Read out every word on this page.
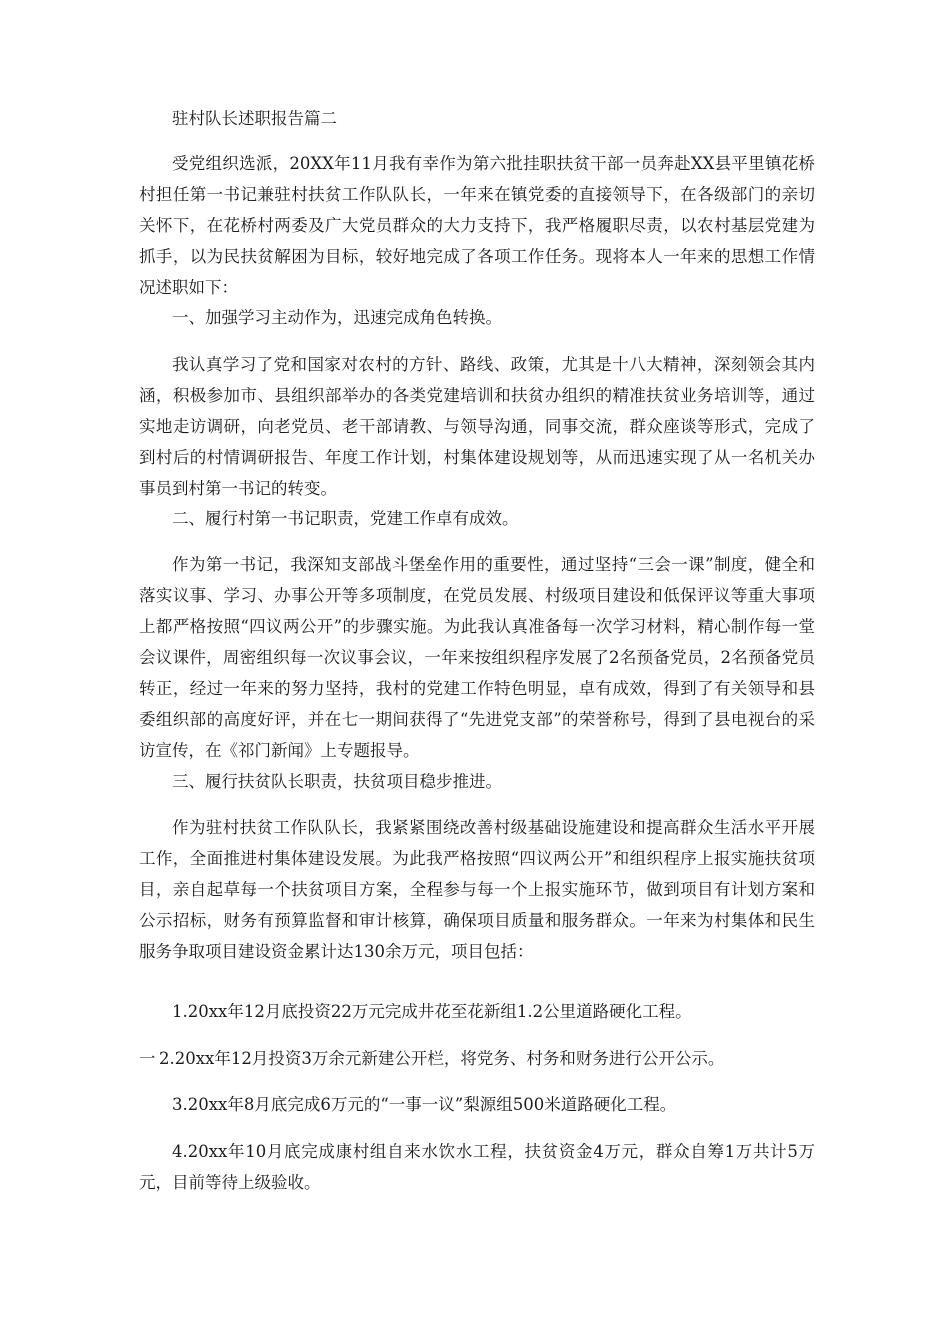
驻村队长述职报告篇二

受党组织选派，20XX年11月我有幸作为第六批挂职扶贫干部一员奔赴XX县平里镇花桥村担任第一书记兼驻村扶贫工作队队长，一年来在镇党委的直接领导下，在各级部门的亲切关怀下，在花桥村两委及广大党员群众的大力支持下，我严格履职尽责，以农村基层党建为抓手，以为民扶贫解困为目标，较好地完成了各项工作任务。现将本人一年来的思想工作情况述职如下：

一、加强学习主动作为，迅速完成角色转换。

我认真学习了党和国家对农村的方针、路线、政策，尤其是十八大精神，深刻领会其内涵，积极参加市、县组织部举办的各类党建培训和扶贫办组织的精准扶贫业务培训等，通过实地走访调研，向老党员、老干部请教、与领导沟通，同事交流，群众座谈等形式，完成了到村后的村情调研报告、年度工作计划，村集体建设规划等，从而迅速实现了从一名机关办事员到村第一书记的转变。

二、履行村第一书记职责，党建工作卓有成效。

作为第一书记，我深知支部战斗堡垒作用的重要性，通过坚持“三会一课”制度，健全和落实议事、学习、办事公开等多项制度，在党员发展、村级项目建设和低保评议等重大事项上都严格按照“四议两公开”的步骤实施。为此我认真准备每一次学习材料，精心制作每一堂会议课件，周密组织每一次议事会议，一年来按组织程序发展了2名预备党员，2名预备党员转正，经过一年来的努力坚持，我村的党建工作特色明显，卓有成效，得到了有关领导和县委组织部的高度好评，并在七一期间获得了“先进党支部”的荣誉称号，得到了县电视台的采访宣传，在《祁门新闻》上专题报导。

三、履行扶贫队长职责，扶贫项目稳步推进。

作为驻村扶贫工作队队长，我紧紧围绕改善村级基础设施建设和提高群众生活水平开展工作，全面推进村集体建设发展。为此我严格按照“四议两公开”和组织程序上报实施扶贫项目，亲自起草每一个扶贫项目方案，全程参与每一个上报实施环节，做到项目有计划方案和公示招标，财务有预算监督和审计核算，确保项目质量和服务群众。一年来为村集体和民生服务争取项目建设资金累计达130余万元，项目包括：

1.20xx年12月底投资22万元完成井花至花新组1.2公里道路硬化工程。

一 2.20xx年12月投资3万余元新建公开栏，将党务、村务和财务进行公开公示。

3.20xx年8月底完成6万元的“一事一议”梨源组500米道路硬化工程。

4.20xx年10月底完成康村组自来水饮水工程，扶贫资金4万元，群众自筹1万共计5万元，目前等待上级验收。
